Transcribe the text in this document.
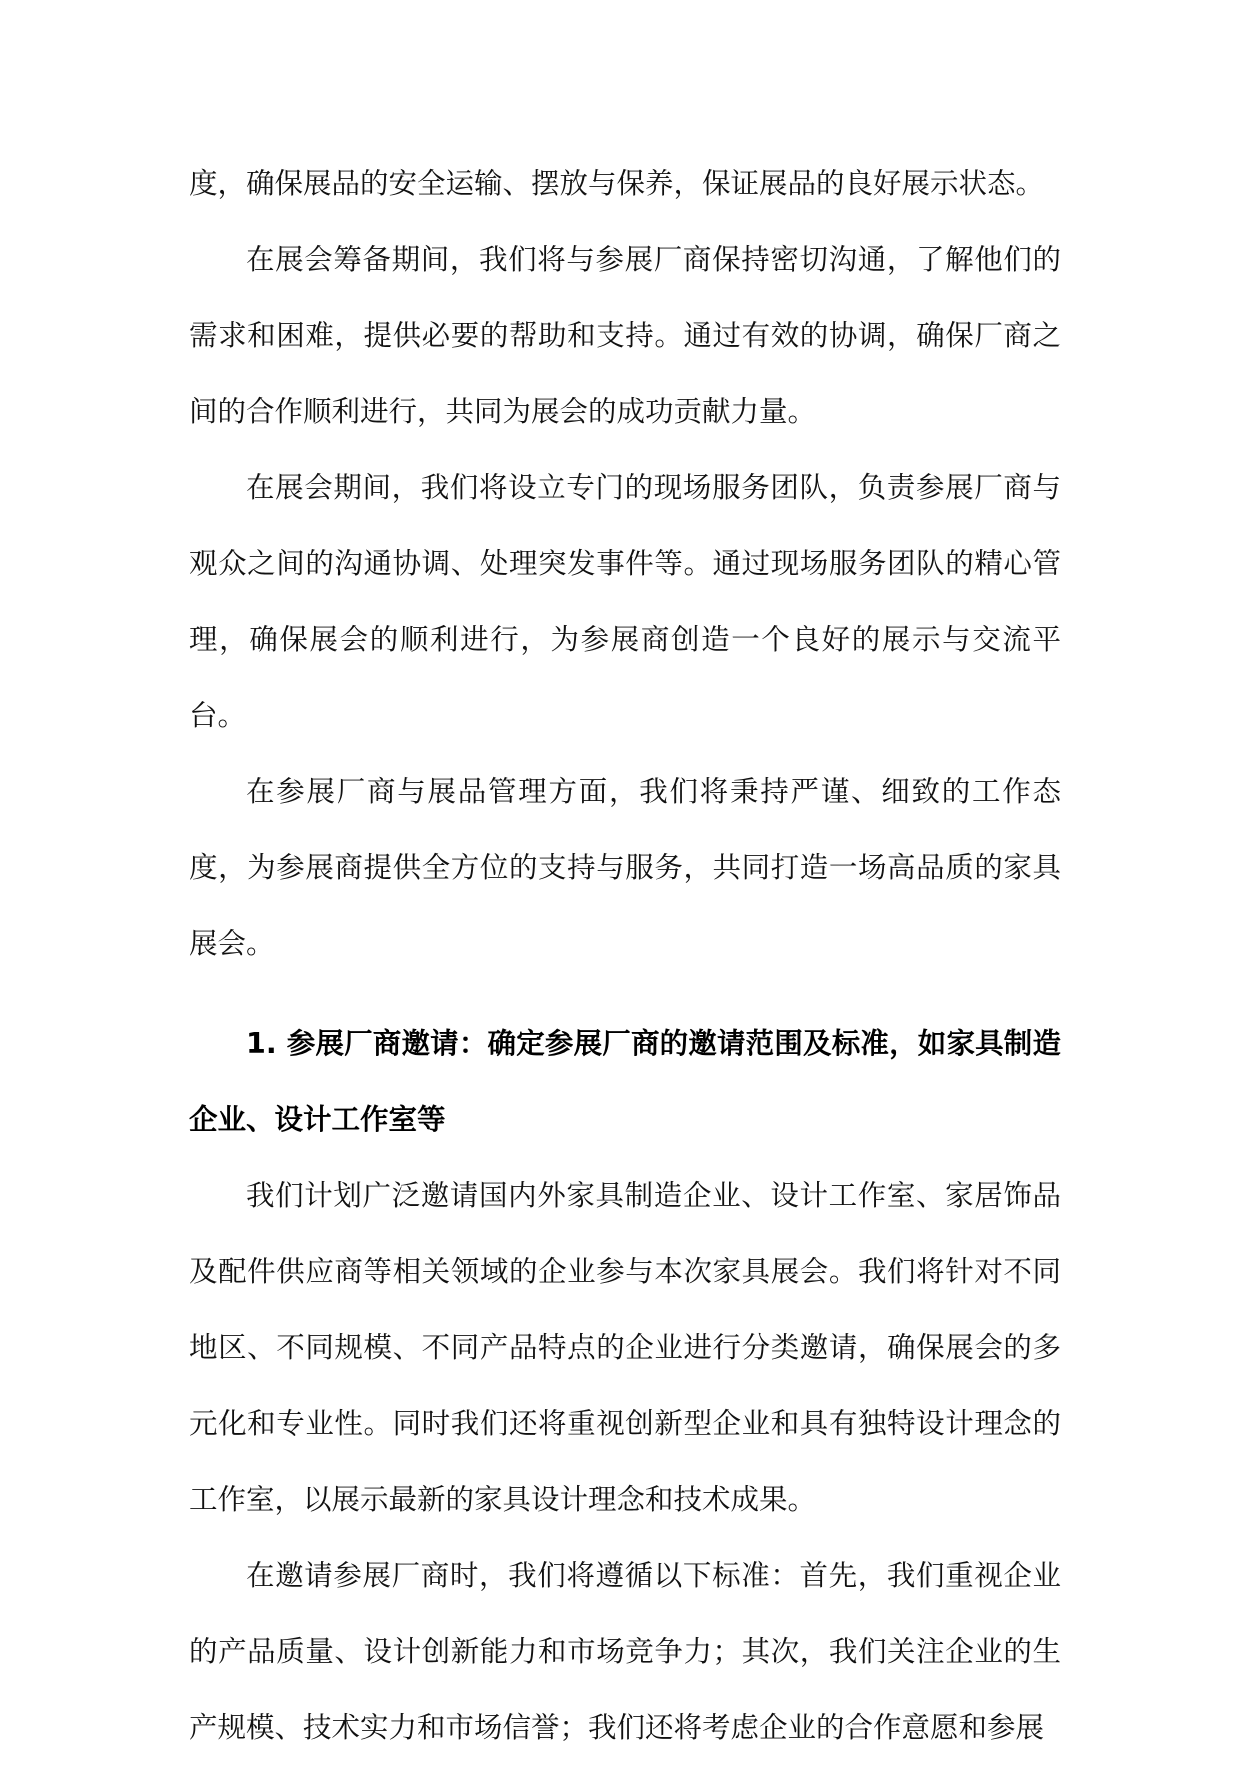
度，确保展品的安全运输、摆放与保养，保证展品的良好展示状态。

在展会筹备期间，我们将与参展厂商保持密切沟通，了解他们的需求和困难，提供必要的帮助和支持。通过有效的协调，确保厂商之间的合作顺利进行，共同为展会的成功贡献力量。

在展会期间，我们将设立专门的现场服务团队，负责参展厂商与观众之间的沟通协调、处理突发事件等。通过现场服务团队的精心管理，确保展会的顺利进行，为参展商创造一个良好的展示与交流平台。

在参展厂商与展品管理方面，我们将秉持严谨、细致的工作态度，为参展商提供全方位的支持与服务，共同打造一场高品质的家具展会。

1. 参展厂商邀请：确定参展厂商的邀请范围及标准，如家具制造企业、设计工作室等

我们计划广泛邀请国内外家具制造企业、设计工作室、家居饰品及配件供应商等相关领域的企业参与本次家具展会。我们将针对不同地区、不同规模、不同产品特点的企业进行分类邀请，确保展会的多元化和专业性。同时我们还将重视创新型企业和具有独特设计理念的工作室，以展示最新的家具设计理念和技术成果。

在邀请参展厂商时，我们将遵循以下标准：首先，我们重视企业的产品质量、设计创新能力和市场竞争力；其次，我们关注企业的生产规模、技术实力和市场信誉；我们还将考虑企业的合作意愿和参展
